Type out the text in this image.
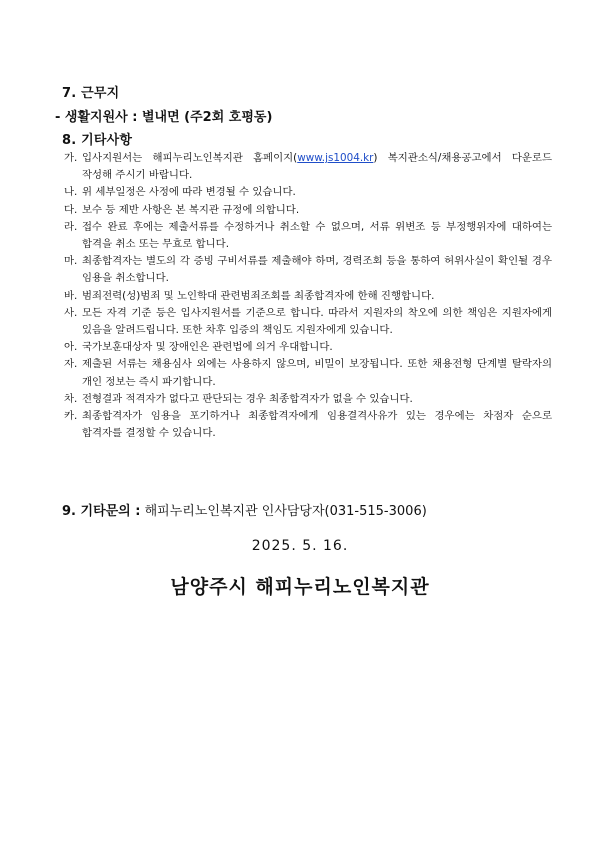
7. 근무지
- 생활지원사 : 별내면 (주2회 호평동)
8. 기타사항
가. 입사지원서는 해피누리노인복지관 홈페이지(www.js1004.kr) 복지관소식/채용공고에서 다운로드 작성해 주시기 바랍니다.
나. 위 세부일정은 사정에 따라 변경될 수 있습니다.
다. 보수 등 제반 사항은 본 복지관 규정에 의합니다.
라. 접수 완료 후에는 제출서류를 수정하거나 취소할 수 없으며, 서류 위변조 등 부정행위자에 대하여는 합격을 취소 또는 무효로 합니다.
마. 최종합격자는 별도의 각 증빙 구비서류를 제출해야 하며, 경력조회 등을 통하여 허위사실이 확인될 경우 임용을 취소합니다.
바. 범죄전력(성)범죄 및 노인학대 관련범죄조회를 최종합격자에 한해 진행합니다.
사. 모든 자격 기준 등은 입사지원서를 기준으로 합니다. 따라서 지원자의 착오에 의한 책임은 지원자에게 있음을 알려드립니다. 또한 차후 입증의 책임도 지원자에게 있습니다.
아. 국가보훈대상자 및 장애인은 관련법에 의거 우대합니다.
자. 제출된 서류는 채용심사 외에는 사용하지 않으며, 비밀이 보장됩니다. 또한 채용전형 단계별 탈락자의 개인 정보는 즉시 파기합니다.
차. 전형결과 적격자가 없다고 판단되는 경우 최종합격자가 없을 수 있습니다.
카. 최종합격자가 임용을 포기하거나 최종합격자에게 임용결격사유가 있는 경우에는 차점자 순으로 합격자를 결정할 수 있습니다.
9. 기타문의 : 해피누리노인복지관 인사담당자(031-515-3006)
2025. 5. 16.
남양주시 해피누리노인복지관
